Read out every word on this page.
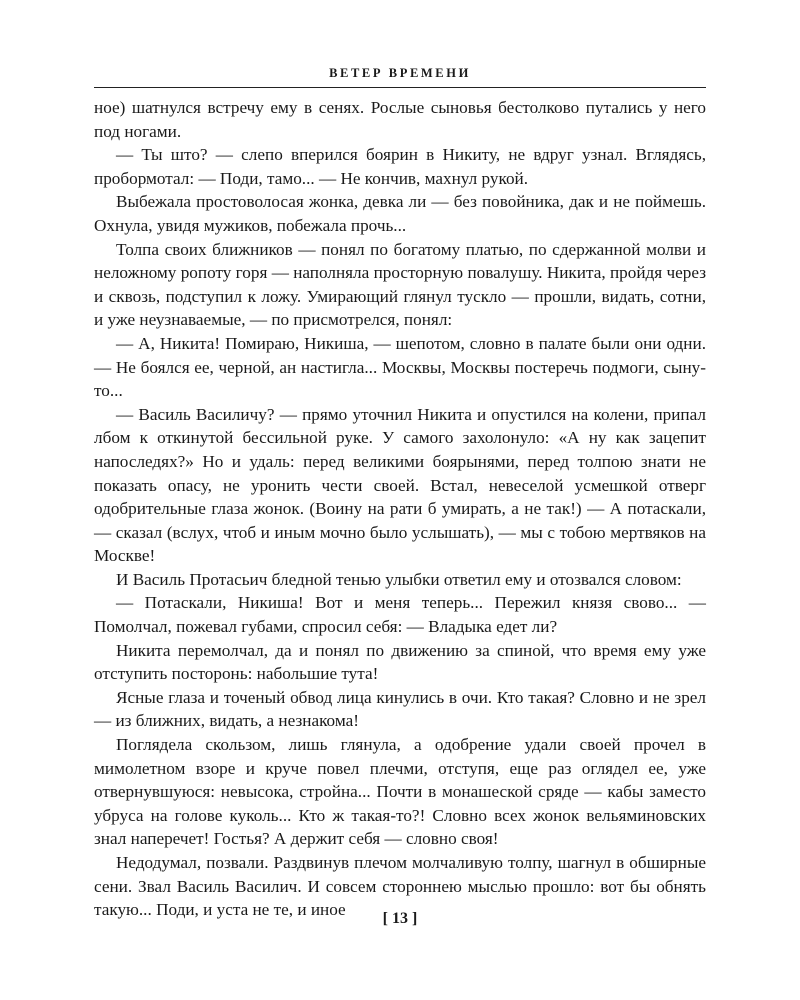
ВЕТЕР ВРЕМЕНИ

ное) шатнулся встречу ему в сенях. Рослые сыновья бестолково путались у него под ногами.

— Ты што? — слепо вперился боярин в Никиту, не вдруг узнал. Вглядясь, пробормотал: — Поди, тамо... — Не кончив, махнул рукой.

Выбежала простоволосая жонка, девка ли — без повойника, дак и не поймешь. Охнула, увидя мужиков, побежала прочь...

Толпа своих ближников — понял по богатому платью, по сдержанной молви и неложному ропоту горя — наполняла просторную повалушу. Никита, пройдя через и сквозь, подступил к ложу. Умирающий глянул тускло — прошли, видать, сотни, и уже неузнаваемые, — по присмотрелся, понял:

— А, Никита! Помираю, Никиша, — шепотом, словно в палате были они одни. — Не боялся ее, черной, ан настигла... Москвы, Москвы постеречь подмоги, сыну-то...

— Василь Василичу? — прямо уточнил Никита и опустился на колени, припал лбом к откинутой бессильной руке. У самого захолонуло: «А ну как зацепит напоследях?» Но и удаль: перед великими боярынями, перед толпою знати не показать опасу, не уронить чести своей. Встал, невеселой усмешкой отверг одобрительные глаза жонок. (Воину на рати б умирать, а не так!) — А потаскали, — сказал (вслух, чтоб и иным мочно было услышать), — мы с тобою мертвяков на Москве!

И Василь Протасьич бледной тенью улыбки ответил ему и отозвался словом:

— Потаскали, Никиша! Вот и меня теперь... Пережил князя свово... — Помолчал, пожевал губами, спросил себя: — Владыка едет ли?

Никита перемолчал, да и понял по движению за спиной, что время ему уже отступить посторонь: набольшие тута!

Ясные глаза и точеный обвод лица кинулись в очи. Кто такая? Словно и не зрел — из ближних, видать, а незнакома!

Поглядела скользом, лишь глянула, а одобрение удали своей прочел в мимолетном взоре и круче повел плечми, отступя, еще раз оглядел ее, уже отвернувшуюся: невысока, стройна... Почти в монашеской сряде — кабы заместо убруса на голове куколь... Кто ж такая-то?! Словно всех жонок вельяминовских знал наперечет! Гостья? А держит себя — словно своя!

Недодумал, позвали. Раздвинув плечом молчаливую толпу, шагнул в обширные сени. Звал Василь Василич. И совсем стороннею мыслью прошло: вот бы обнять такую... Поди, и уста не те, и иное	[ 13 ]
